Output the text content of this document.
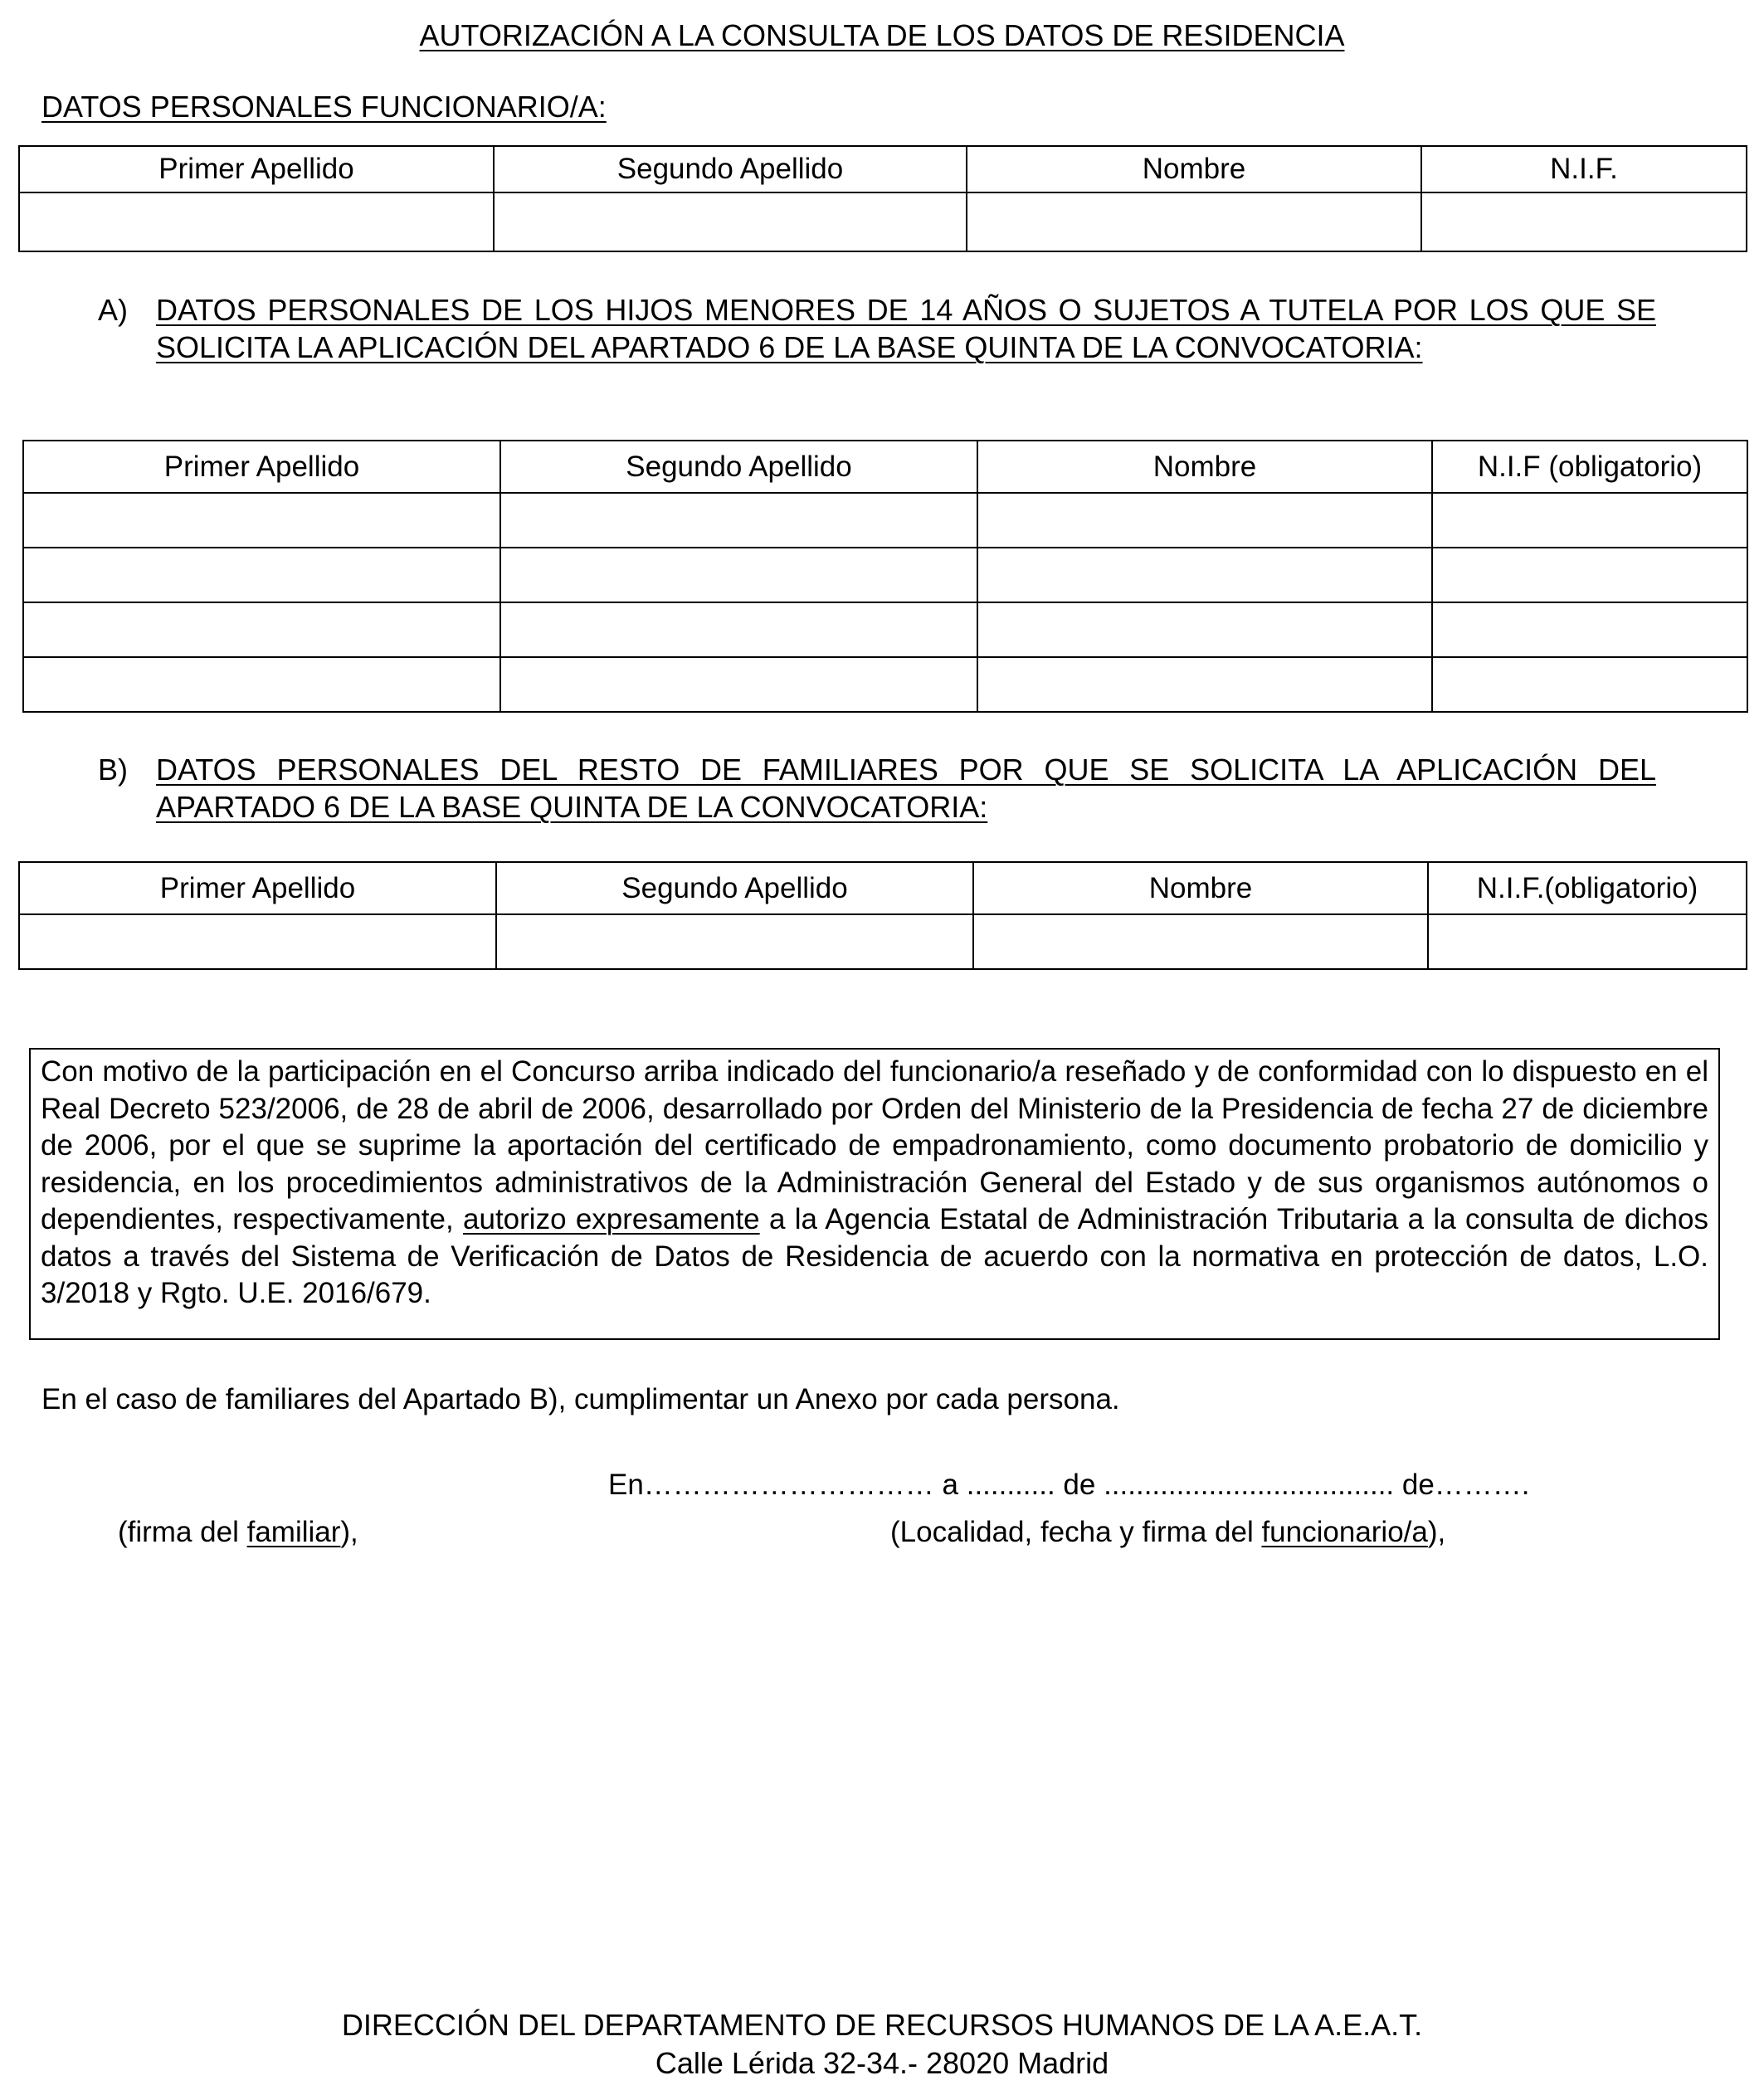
AUTORIZACIÓN A LA CONSULTA DE LOS DATOS DE RESIDENCIA
DATOS PERSONALES FUNCIONARIO/A:
Primer Apellido	Segundo Apellido	Nombre	N.I.F.

A) DATOS PERSONALES DE LOS HIJOS MENORES DE 14 AÑOS O SUJETOS A TUTELA POR LOS QUE SE SOLICITA LA APLICACIÓN DEL APARTADO 6 DE LA BASE QUINTA DE LA CONVOCATORIA:
Primer Apellido	Segundo Apellido	Nombre	N.I.F (obligatorio)

B) DATOS PERSONALES DEL RESTO DE FAMILIARES POR QUE SE SOLICITA LA APLICACIÓN DEL APARTADO 6 DE LA BASE QUINTA DE LA CONVOCATORIA:
Primer Apellido	Segundo Apellido	Nombre	N.I.F.(obligatorio)

Con motivo de la participación en el Concurso arriba indicado del funcionario/a reseñado y de conformidad con lo dispuesto en el Real Decreto 523/2006, de 28 de abril de 2006, desarrollado por Orden del Ministerio de la Presidencia de fecha 27 de diciembre de 2006, por el que se suprime la aportación del certificado de empadronamiento, como documento probatorio de domicilio y residencia, en los procedimientos administrativos de la Administración General del Estado y de sus organismos autónomos o dependientes, respectivamente, autorizo expresamente a la Agencia Estatal de Administración Tributaria a la consulta de dichos datos a través del Sistema de Verificación de Datos de Residencia de acuerdo con la normativa en protección de datos, L.O. 3/2018 y Rgto. U.E. 2016/679.
En el caso de familiares del Apartado B), cumplimentar un Anexo por cada persona.
En………………………… a ........... de .................................... de……….
(firma del familiar),	(Localidad, fecha y firma del funcionario/a),
DIRECCIÓN DEL DEPARTAMENTO DE RECURSOS HUMANOS DE LA A.E.A.T.
Calle Lérida 32-34.- 28020 Madrid
